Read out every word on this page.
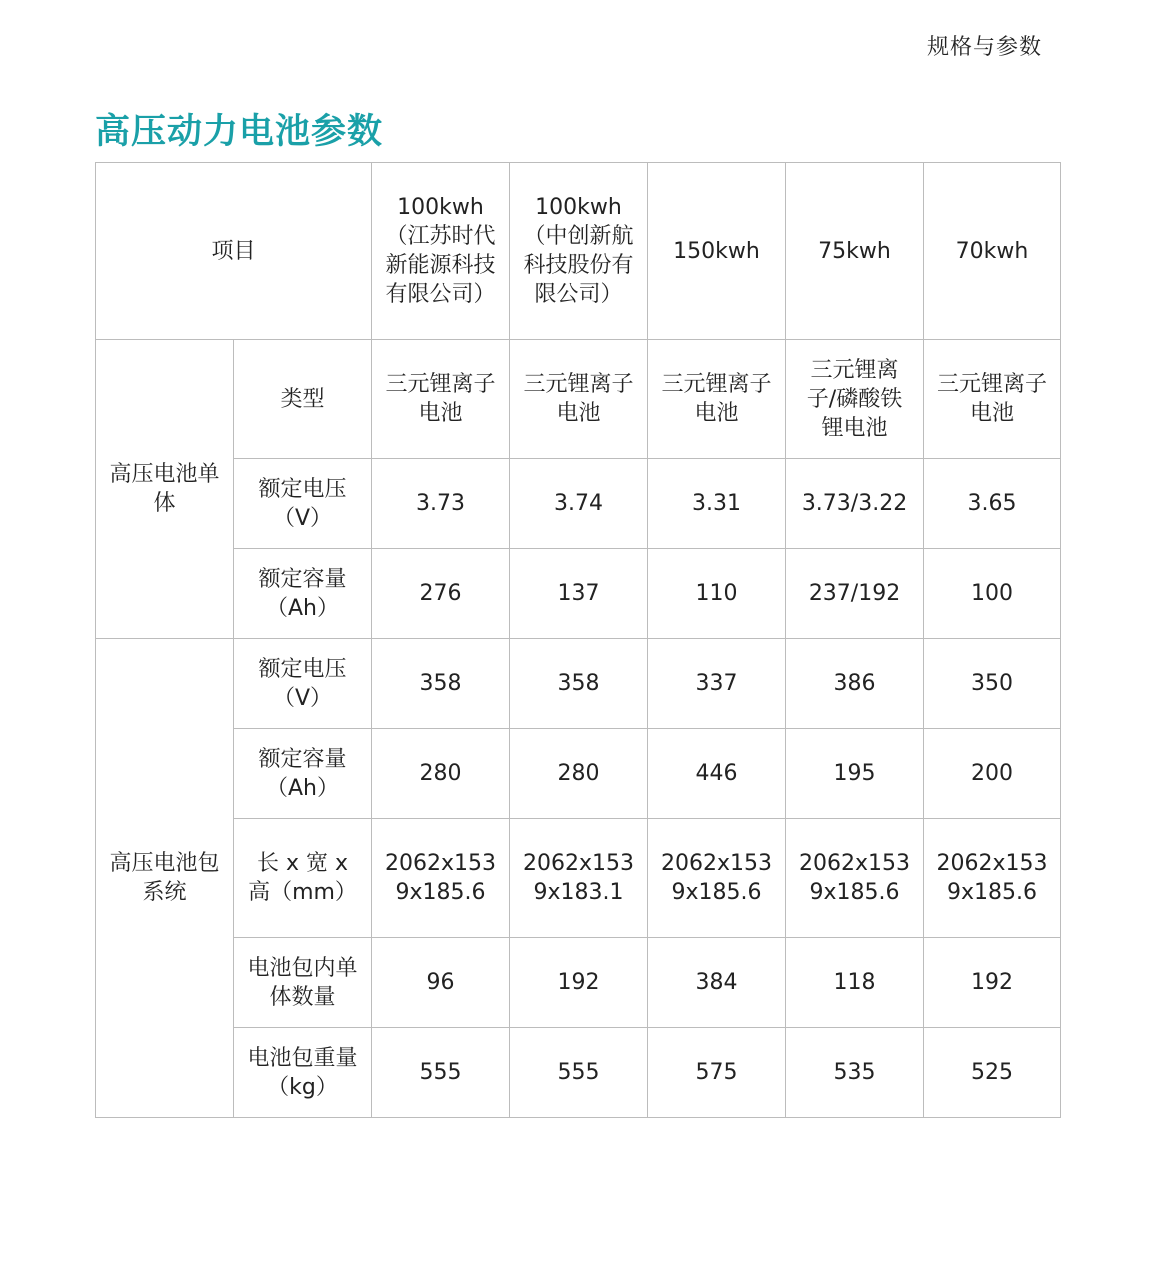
规格与参数
高压动力电池参数
项目		100kwh（江苏时代新能源科技有限公司）	100kwh（中创新航科技股份有限公司）	150kwh	75kwh	70kwh
高压电池单体	类型	三元锂离子电池	三元锂离子电池	三元锂离子电池	三元锂离子/磷酸铁锂电池	三元锂离子电池
	额定电压（V）	3.73	3.74	3.31	3.73/3.22	3.65
	额定容量（Ah）	276	137	110	237/192	100
高压电池包系统	额定电压（V）	358	358	337	386	350
	额定容量（Ah）	280	280	446	195	200
	长 x 宽 x 高（mm）	2062x1539x185.6	2062x1539x183.1	2062x1539x185.6	2062x1539x185.6	2062x1539x185.6
	电池包内单体数量	96	192	384	118	192
	电池包重量（kg）	555	555	575	535	525
